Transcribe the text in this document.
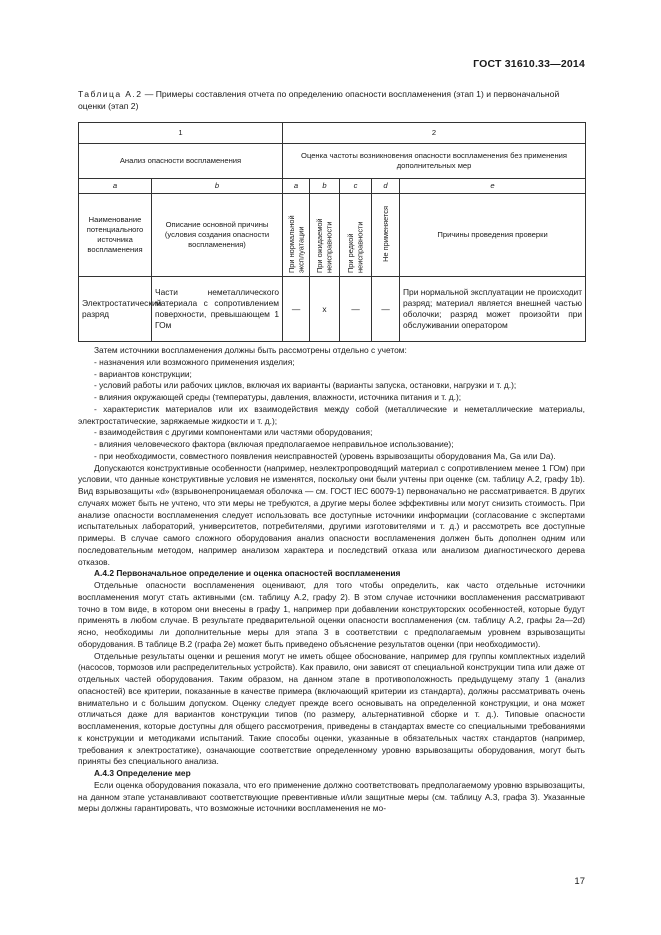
ГОСТ 31610.33—2014
Таблица А.2 — Примеры составления отчета по определению опасности воспламенения (этап 1) и первоначальной оценки (этап 2)
1		2				
Анализ опасности воспламенения		Оценка частоты возникновения опасности воспламенения без применения дополнительных мер				
a	b	a	b	c	d	e
Наименование потенциального источника воспламенения	Описание основной причины (условия создания опасности воспламенения)	При нормальной эксплуатации	При ожидаемой неисправности	При редкой неисправности	Не применяется	Причины проведения проверки
Электростатический разряд	Части неметаллического материала с сопротивлением поверхности, превышающем 1 ГОм	—	x	—	—	При нормальной эксплуатации не происходит разряд; материал является внешней частью оболочки; разряд может произойти при обслуживании оператором

Затем источники воспламенения должны быть рассмотрены отдельно с учетом:

- назначения или возможного применения изделия;

- вариантов конструкции;

- условий работы или рабочих циклов, включая их варианты (варианты запуска, остановки, нагрузки и т. д.);

- влияния окружающей среды (температуры, давления, влажности, источника питания и т. д.);

- характеристик материалов или их взаимодействия между собой (металлические и неметаллические материалы, электростатические, заряжаемые жидкости и т. д.);

- взаимодействия с другими компонентами или частями оборудования;

- влияния человеческого фактора (включая предполагаемое неправильное использование);

- при необходимости, совместного появления неисправностей (уровень взрывозащиты оборудования Ma, Ga или Da).

Допускаются конструктивные особенности (например, неэлектропроводящий материал с сопротивлением менее 1 ГОм) при условии, что данные конструктивные условия не изменятся, поскольку они были учтены при оценке (см. таблицу А.2, графу 1b). Вид взрывозащиты «d» (взрывонепроницаемая оболочка — см. ГОСТ IEC 60079-1) первоначально не рассматривается. В других случаях может быть не учтено, что эти меры не требуются, а другие меры более эффективны или могут снизить стоимость. При анализе опасности воспламенения следует использовать все доступные источники информации (согласование с экспертами испытательных лабораторий, университетов, потребителями, другими изготовителями и т. д.) и рассмотреть все доступные примеры. В случае самого сложного оборудования анализ опасности воспламенения должен быть дополнен одним или последовательным методом, например анализом характера и последствий отказа или анализом диагностического дерева отказов.

А.4.2 Первоначальное определение и оценка опасностей воспламенения

Отдельные опасности воспламенения оценивают, для того чтобы определить, как часто отдельные источники воспламенения могут стать активными (см. таблицу А.2, графу 2). В этом случае источники воспламенения рассматривают точно в том виде, в котором они внесены в графу 1, например при добавлении конструкторских особенностей, которые будут применять в любом случае. В результате предварительной оценки опасности воспламенения (см. таблицу А.2, графы 2а—2d) ясно, необходимы ли дополнительные меры для этапа 3 в соответствии с предполагаемым уровнем взрывозащиты оборудования. В таблице В.2 (графа 2е) может быть приведено объяснение результатов оценки (при необходимости).

Отдельные результаты оценки и решения могут не иметь общее обоснование, например для группы комплектных изделий (насосов, тормозов или распределительных устройств). Как правило, они зависят от специальной конструкции типа или даже от отдельных частей оборудования. Таким образом, на данном этапе в противоположность предыдущему этапу 1 (анализ опасностей) все критерии, показанные в качестве примера (включающий критерии из стандарта), должны рассматривать очень внимательно и с большим допуском. Оценку следует прежде всего основывать на определенной конструкции, и она может отличаться даже для вариантов конструкции типов (по размеру, альтернативной сборке и т. д.). Типовые опасности воспламенения, которые доступны для общего рассмотрения, приведены в стандартах вместе со специальными требованиями к конструкции и методиками испытаний. Такие способы оценки, указанные в обязательных частях стандартов (например, требования к электростатике), означающие соответствие определенному уровню взрывозащиты оборудования, могут быть приняты без специального анализа.

А.4.3 Определение мер

Если оценка оборудования показала, что его применение должно соответствовать предполагаемому уровню взрывозащиты, на данном этапе устанавливают соответствующие превентивные и/или защитные меры (см. таблицу А.3, графа 3). Указанные меры должны гарантировать, что возможные источники воспламенения не мо-

17
